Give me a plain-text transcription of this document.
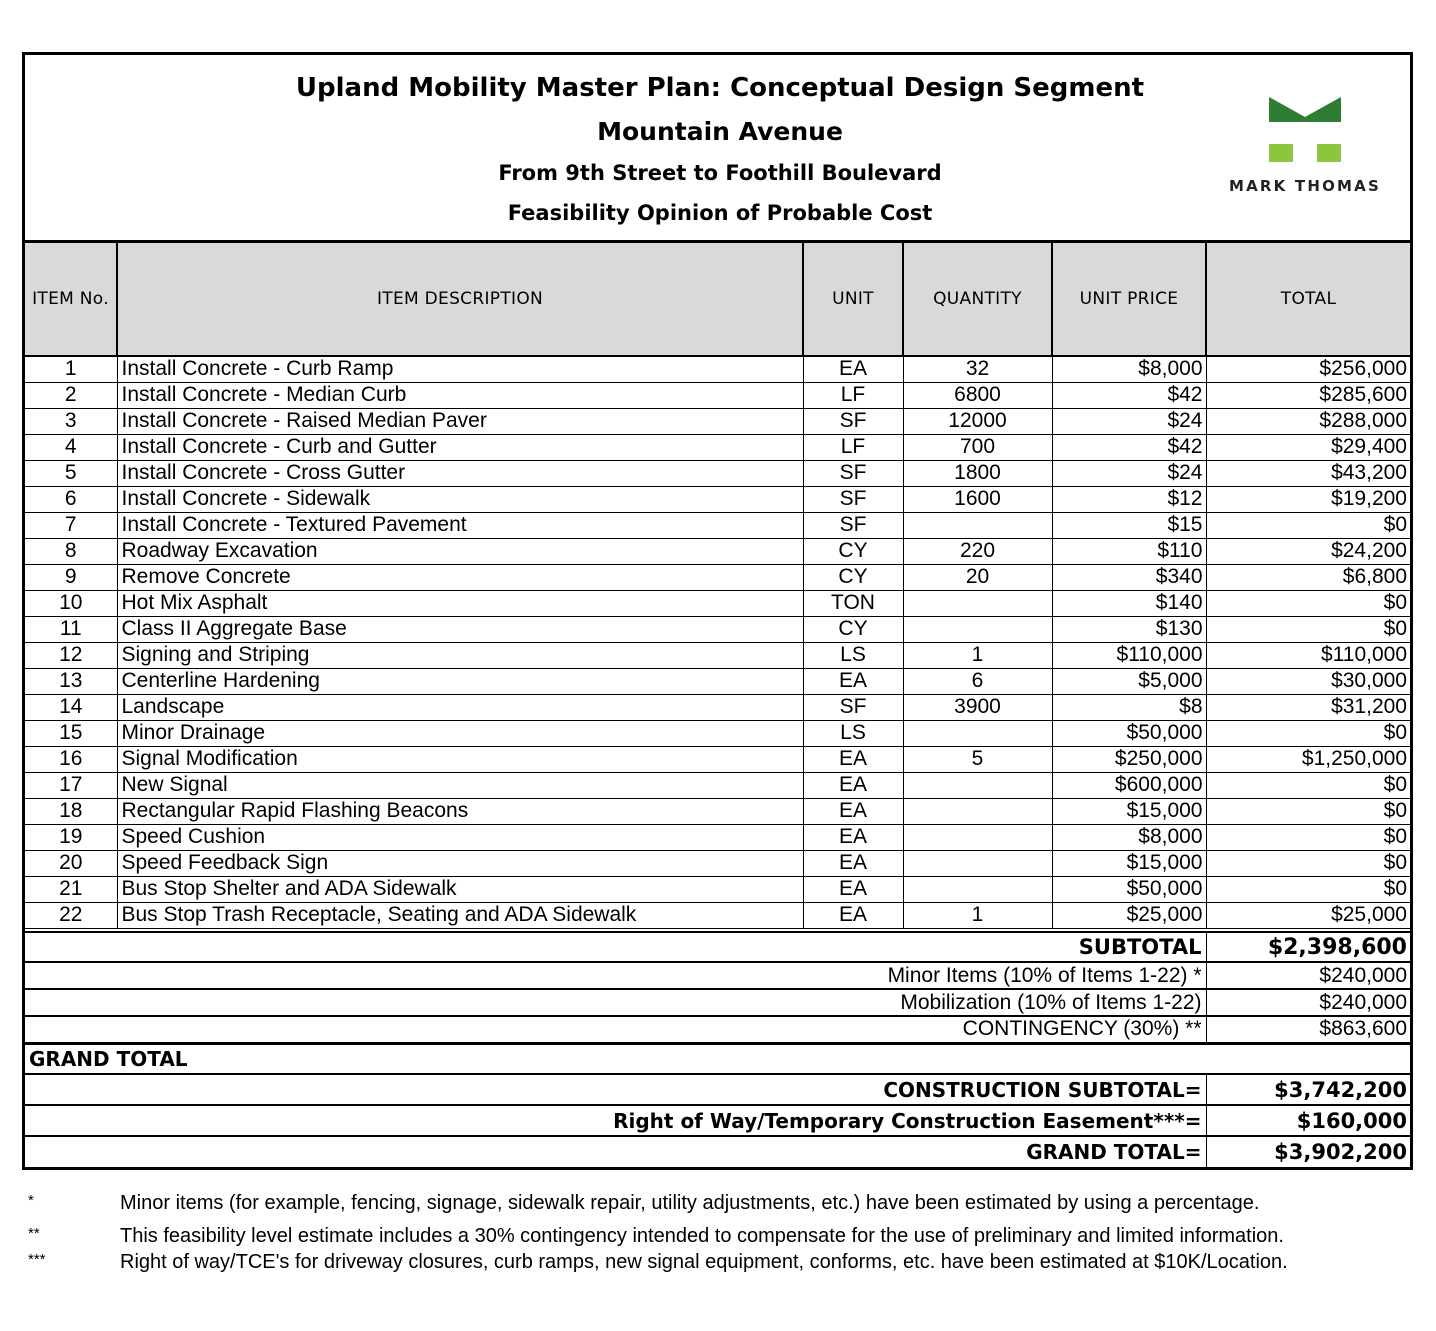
Upland Mobility Master Plan: Conceptual Design Segment
Mountain Avenue
From 9th Street to Foothill Boulevard
Feasibility Opinion of Probable Cost
MARK THOMAS
ITEM No.	ITEM DESCRIPTION	UNIT	QUANTITY	UNIT PRICE	TOTAL
1	Install Concrete - Curb Ramp	EA	32	$8,000	$256,000
2	Install Concrete - Median Curb	LF	6800	$42	$285,600
3	Install Concrete - Raised Median Paver	SF	12000	$24	$288,000
4	Install Concrete - Curb and Gutter	LF	700	$42	$29,400
5	Install Concrete - Cross Gutter	SF	1800	$24	$43,200
6	Install Concrete - Sidewalk	SF	1600	$12	$19,200
7	Install Concrete - Textured Pavement	SF		$15	$0
8	Roadway Excavation	CY	220	$110	$24,200
9	Remove Concrete	CY	20	$340	$6,800
10	Hot Mix Asphalt	TON		$140	$0
11	Class II Aggregate Base	CY		$130	$0
12	Signing and Striping	LS	1	$110,000	$110,000
13	Centerline Hardening	EA	6	$5,000	$30,000
14	Landscape	SF	3900	$8	$31,200
15	Minor Drainage	LS		$50,000	$0
16	Signal Modification	EA	5	$250,000	$1,250,000
17	New Signal	EA		$600,000	$0
18	Rectangular Rapid Flashing Beacons	EA		$15,000	$0
19	Speed Cushion	EA		$8,000	$0
20	Speed Feedback Sign	EA		$15,000	$0
21	Bus Stop Shelter and ADA Sidewalk	EA		$50,000	$0
22	Bus Stop Trash Receptacle, Seating and ADA Sidewalk	EA	1	$25,000	$25,000
SUBTOTAL	$2,398,600
Minor Items (10% of Items 1-22) *	$240,000
Mobilization (10% of Items 1-22)	$240,000
CONTINGENCY (30%) **	$863,600
GRAND TOTAL	
CONSTRUCTION SUBTOTAL=	$3,742,200
Right of Way/Temporary Construction Easement***=	$160,000
GRAND TOTAL=	$3,902,200
*	Minor items (for example, fencing, signage, sidewalk repair, utility adjustments, etc.) have been estimated by using a percentage.
**	This feasibility level estimate includes a 30% contingency intended to compensate for the use of preliminary and limited information.
***	Right of way/TCE's for driveway closures, curb ramps, new signal equipment, conforms, etc. have been estimated at $10K/Location.
